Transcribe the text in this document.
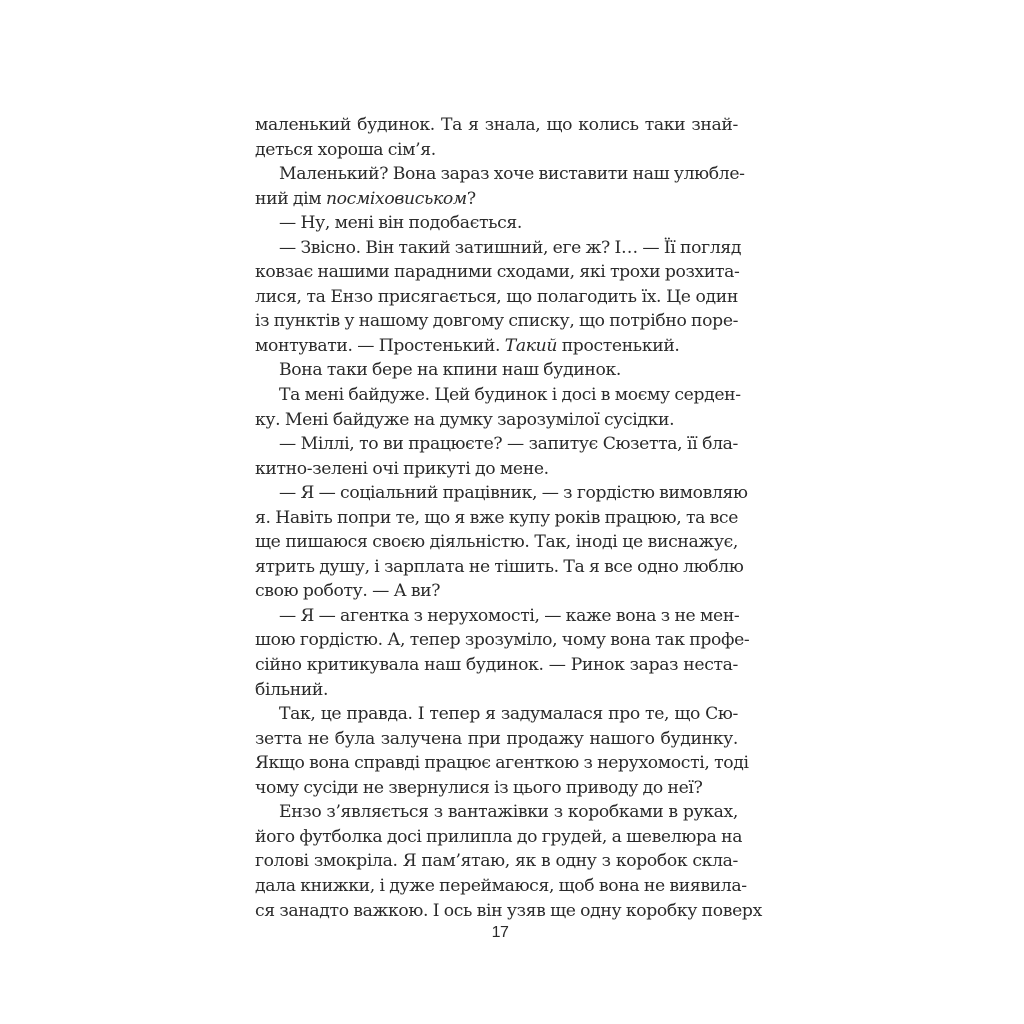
маленький будинок. Та я знала, що колись таки знай-
деться хороша сім’я.
Маленький? Вона зараз хоче виставити наш улюбле-
ний дім посміховиськом?
— Ну, мені він подобається.
— Звісно. Він такий затишний, еге ж? І… — Її погляд
ковзає нашими парадними сходами, які трохи розхита-
лися, та Ензо присягається, що полагодить їх. Це один
із пунктів у нашому довгому списку, що потрібно поре-
монтувати. — Простенький. Такий простенький.
Вона таки бере на кпини наш будинок.
Та мені байдуже. Цей будинок і досі в моєму серден-
ку. Мені байдуже на думку зарозумілої сусідки.
— Міллі, то ви працюєте? — запитує Сюзетта, її бла-
китно-зелені очі прикуті до мене.
— Я — соціальний працівник, — з гордістю вимовляю
я. Навіть попри те, що я вже купу років працюю, та все
ще пишаюся своєю діяльністю. Так, іноді це виснажує,
ятрить душу, і зарплата не тішить. Та я все одно люблю
свою роботу. — А ви?
— Я — агентка з нерухомості, — каже вона з не мен-
шою гордістю. А, тепер зрозуміло, чому вона так профе-
сійно критикувала наш будинок. — Ринок зараз неста-
більний.
Так, це правда. І тепер я задумалася про те, що Сю-
зетта не була залучена при продажу нашого будинку.
Якщо вона справді працює агенткою з нерухомості, тоді
чому сусіди не звернулися із цього приводу до неї?
Ензо з’являється з вантажівки з коробками в руках,
його футболка досі прилипла до грудей, а шевелюра на
голові змокріла. Я пам’ятаю, як в одну з коробок скла-
дала книжки, і дуже переймаюся, щоб вона не виявила-
ся занадто важкою. І ось він узяв ще одну коробку поверх
17
